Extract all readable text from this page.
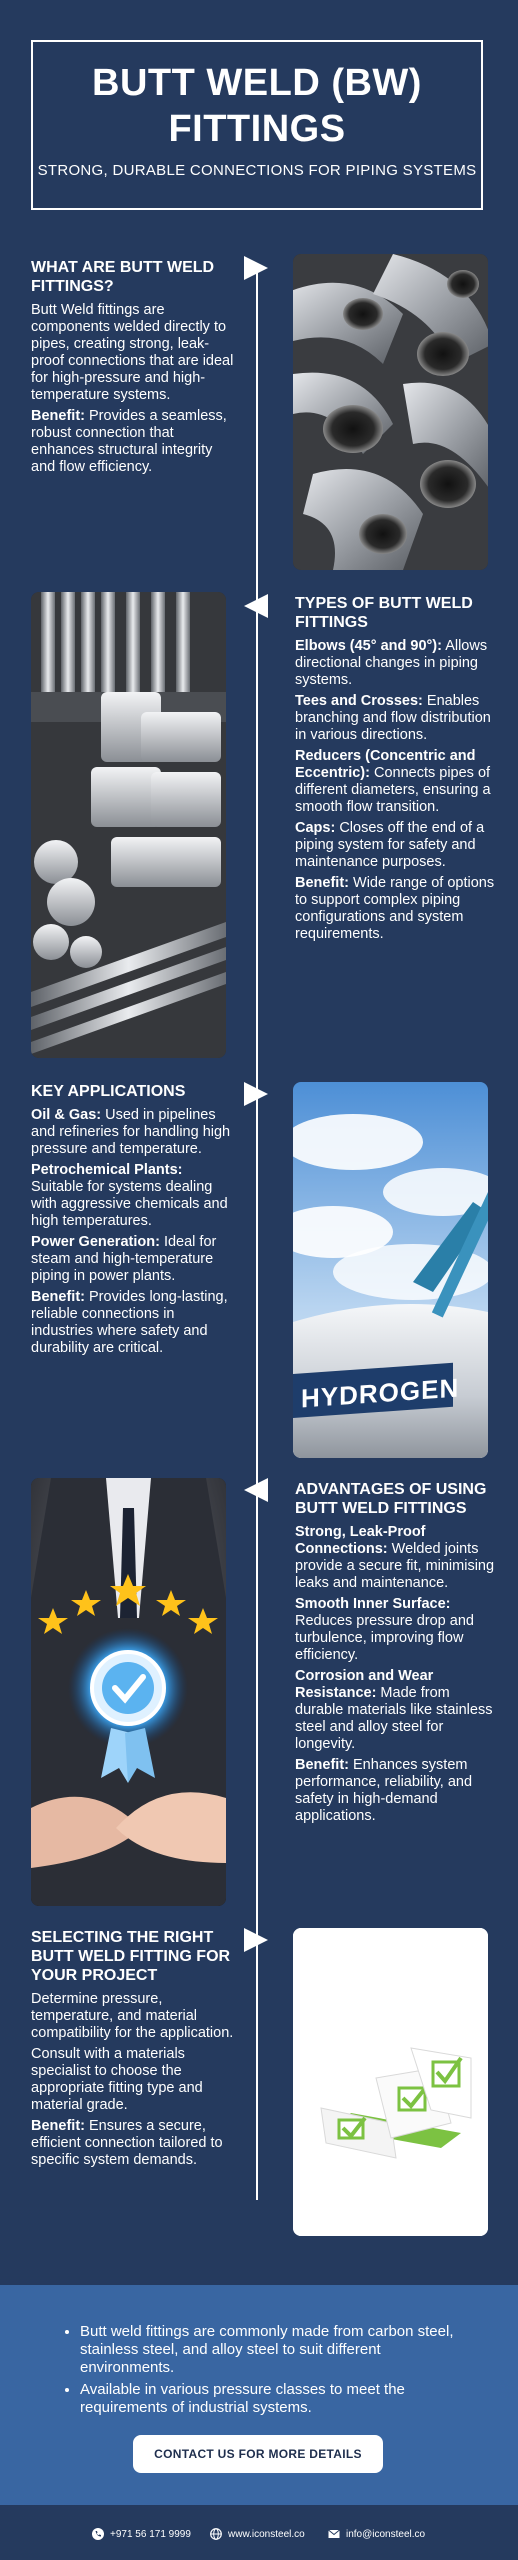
BUTT WELD (BW) FITTINGS
STRONG, DURABLE CONNECTIONS FOR PIPING SYSTEMS
WHAT ARE BUTT WELD FITTINGS?

Butt Weld fittings are components welded directly to pipes, creating strong, leak-proof connections that are ideal for high-pressure and high-temperature systems.

Benefit: Provides a seamless, robust connection that enhances structural integrity and flow efficiency.

TYPES OF BUTT WELD FITTINGS

Elbows (45° and 90°): Allows directional changes in piping systems.

Tees and Crosses: Enables branching and flow distribution in various directions.

Reducers (Concentric and Eccentric): Connects pipes of different diameters, ensuring a smooth flow transition.

Caps: Closes off the end of a piping system for safety and maintenance purposes.

Benefit: Wide range of options to support complex piping configurations and system requirements.

KEY APPLICATIONS

Oil & Gas: Used in pipelines and refineries for handling high pressure and temperature.

Petrochemical Plants: Suitable for systems dealing with aggressive chemicals and high temperatures.

Power Generation: Ideal for steam and high-temperature piping in power plants.

Benefit: Provides long-lasting, reliable connections in industries where safety and durability are critical.

HYDROGEN
ADVANTAGES OF USING BUTT WELD FITTINGS

Strong, Leak-Proof Connections: Welded joints provide a secure fit, minimising leaks and maintenance.

Smooth Inner Surface: Reduces pressure drop and turbulence, improving flow efficiency.

Corrosion and Wear Resistance: Made from durable materials like stainless steel and alloy steel for longevity.

Benefit: Enhances system performance, reliability, and safety in high-demand applications.

SELECTING THE RIGHT BUTT WELD FITTING FOR YOUR PROJECT

Determine pressure, temperature, and material compatibility for the application.

Consult with a materials specialist to choose the appropriate fitting type and material grade.

Benefit: Ensures a secure, efficient connection tailored to specific system demands.

• Butt weld fittings are commonly made from carbon steel, stainless steel, and alloy steel to suit different environments.
• Available in various pressure classes to meet the requirements of industrial systems.
CONTACT US FOR MORE DETAILS
+971 56 171 9999	www.iconsteel.co	info@iconsteel.co
